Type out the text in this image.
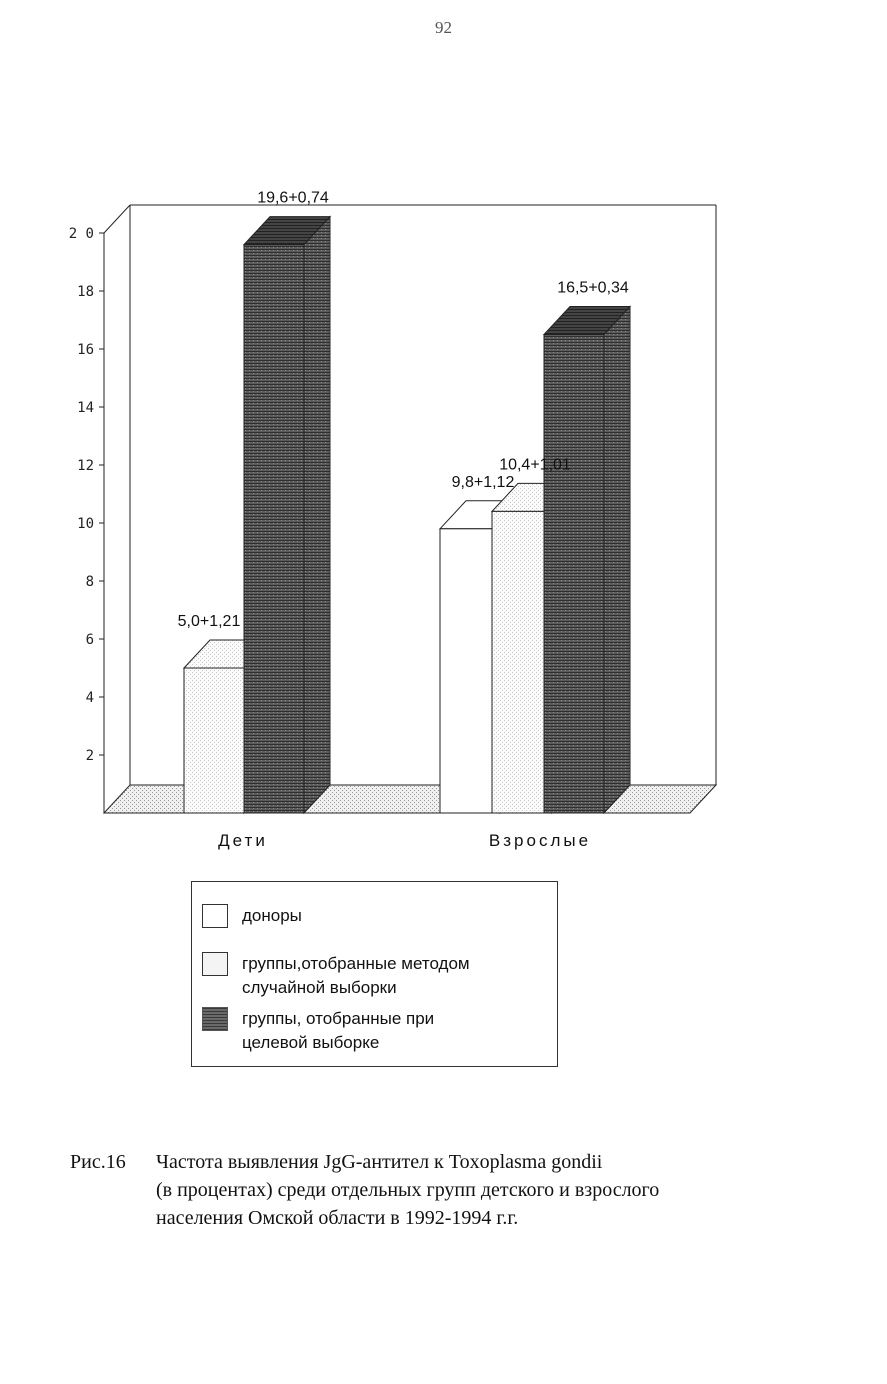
92
2
4
6
8
10
12
14
16
18
2 0
5,0+1,21
19,6+0,74
9,8+1,12
10,4+1,01
16,5+0,34
Дети	Взрослые
доноры
группы,отобранные методом
случайной выборки
группы, отобранные при
целевой выборке
Рис.16 Частота выявления JgG-антител к Toxoplasma gondii
(в процентах) среди отдельных групп детского и взрослого
населения Омской области в 1992-1994 г.г.
